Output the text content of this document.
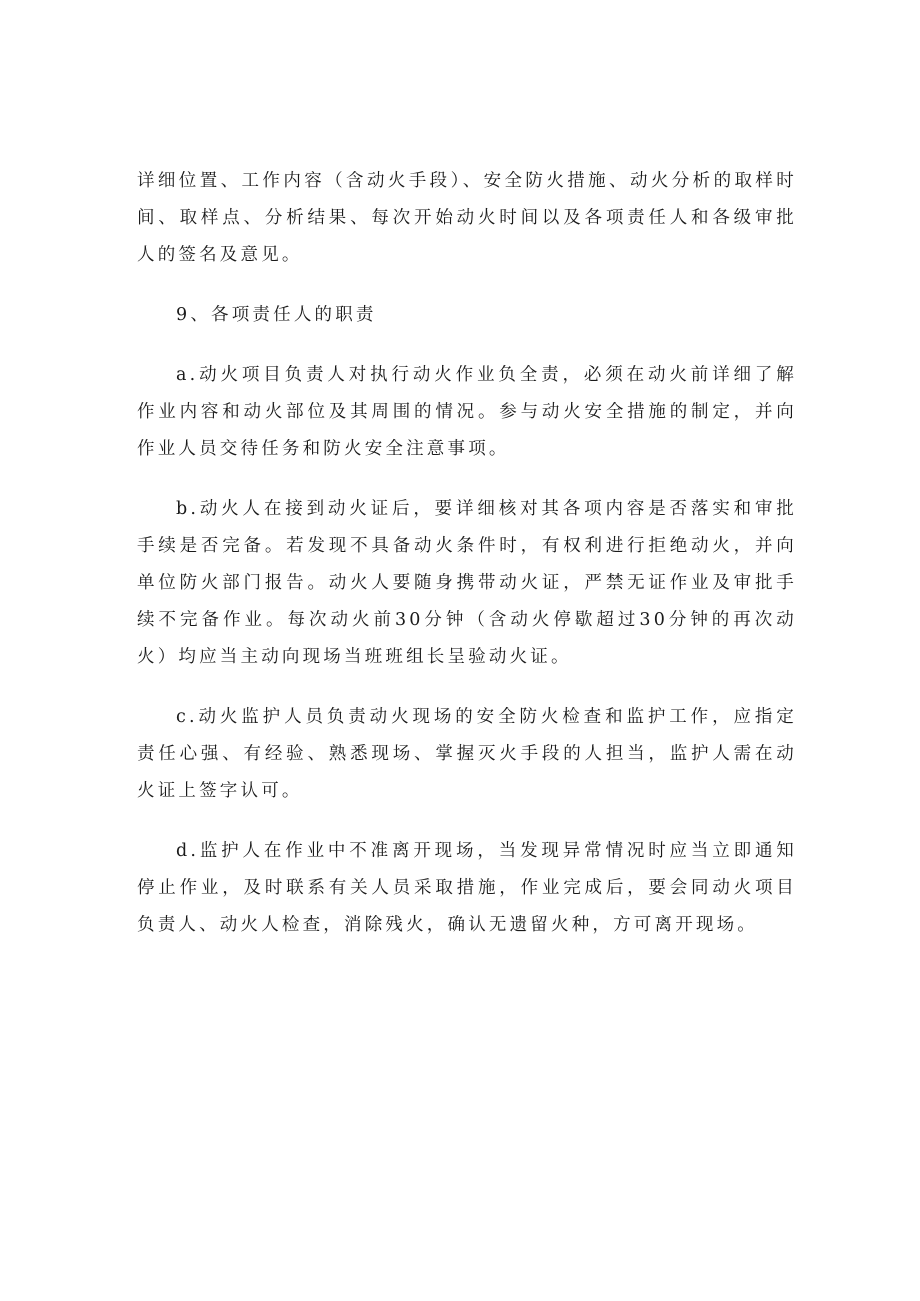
详细位置、工作内容（含动火手段）、安全防火措施、动火分析的取样时间、取样点、分析结果、每次开始动火时间以及各项责任人和各级审批人的签名及意见。

9、各项责任人的职责

a.动火项目负责人对执行动火作业负全责，必须在动火前详细了解作业内容和动火部位及其周围的情况。参与动火安全措施的制定，并向作业人员交待任务和防火安全注意事项。

b.动火人在接到动火证后，要详细核对其各项内容是否落实和审批手续是否完备。若发现不具备动火条件时，有权利进行拒绝动火，并向单位防火部门报告。动火人要随身携带动火证，严禁无证作业及审批手续不完备作业。每次动火前30分钟（含动火停歇超过30分钟的再次动火）均应当主动向现场当班班组长呈验动火证。

c.动火监护人员负责动火现场的安全防火检查和监护工作，应指定责任心强、有经验、熟悉现场、掌握灭火手段的人担当，监护人需在动火证上签字认可。

d.监护人在作业中不准离开现场，当发现异常情况时应当立即通知停止作业，及时联系有关人员采取措施，作业完成后，要会同动火项目负责人、动火人检查，消除残火，确认无遗留火种，方可离开现场。
